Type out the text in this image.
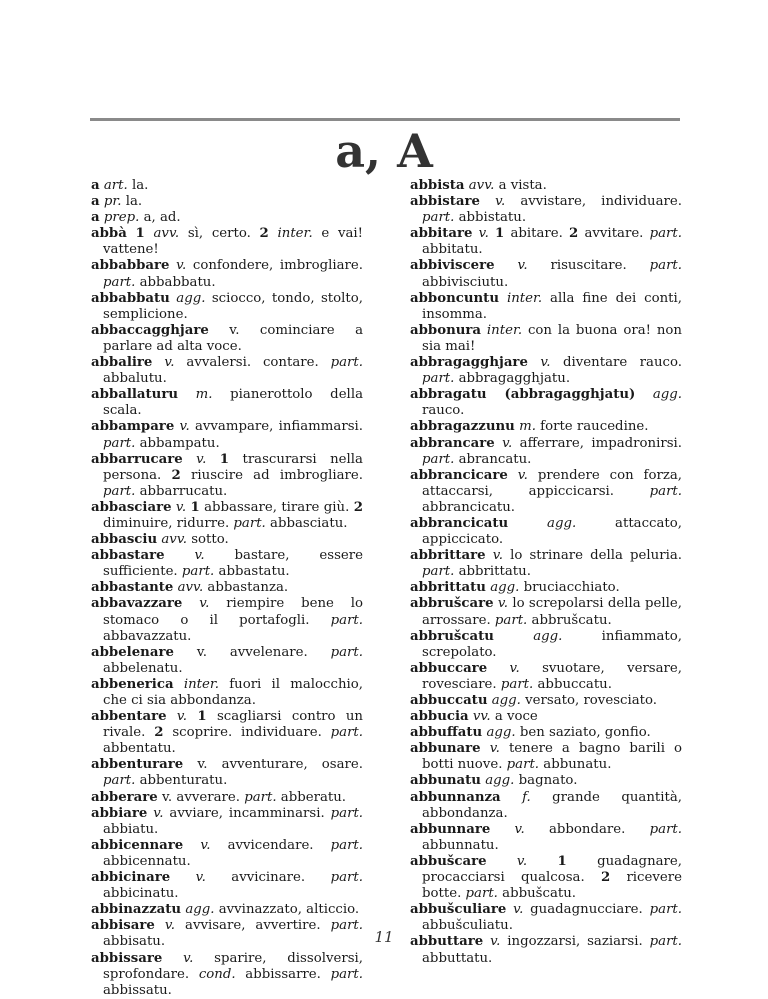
a, A

a art. la.

a pr. la.

a prep. a, ad.

abbà 1 avv. sì, certo. 2 inter. e vai! vattene!

abbabbare v. confondere, imbrogliare. part. abbabbatu.

abbabbatu agg. sciocco, tondo, stolto, semplicione.

abbaccagghjare v. cominciare a parlare ad alta voce.

abbalire v. avvalersi. contare. part. abbalutu.

abballaturu m. pianerottolo della scala.

abbampare v. avvampare, infiammarsi. part. abbampatu.

abbarrucare v. 1 trascurarsi nella persona. 2 riuscire ad imbrogliare. part. abbarrucatu.

abbasciare v. 1 abbassare, tirare giù. 2 diminuire, ridurre. part. abbasciatu.

abbasciu avv. sotto.

abbastare v. bastare, essere sufficiente. part. abbastatu.

abbastante avv. abbastanza.

abbavazzare v. riempire bene lo stomaco o il portafogli. part. abbavazzatu.

abbelenare v. avvelenare. part. abbelenatu.

abbenerica inter. fuori il malocchio, che ci sia abbondanza.

abbentare v. 1 scagliarsi contro un rivale. 2 scoprire. individuare. part. abbentatu.

abbenturare v. avventurare, osare. part. abbenturatu.

abberare v. avverare. part. abberatu.

abbiare v. avviare, incamminarsi. part. abbiatu.

abbicennare v. avvicendare. part. abbicennatu.

abbicinare v. avvicinare. part. abbicinatu.

abbinazzatu agg. avvinazzato, alticcio.

abbisare v. avvisare, avvertire. part. abbisatu.

abbissare v. sparire, dissolversi, sprofondare. cond. abbissarre. part. abbissatu.

abbista avv. a vista.

abbistare v. avvistare, individuare. part. abbistatu.

abbitare v. 1 abitare. 2 avvitare. part. abbitatu.

abbiviscere v. risuscitare. part. abbivisciutu.

abboncuntu inter. alla fine dei conti, insomma.

abbonura inter. con la buona ora! non sia mai!

abbragagghjare v. diventare rauco. part. abbragagghjatu.

abbragatu (abbragagghjatu) agg. rauco.

abbragazzunu m. forte raucedine.

abbrancare v. afferrare, impadronirsi. part. abrancatu.

abbrancicare v. prendere con forza, attaccarsi, appiccicarsi.	part. abbrancicatu.

abbrancicatu	agg.	attaccato, appiccicato.

abbrittare v. lo strinare della peluria. part. abbrittatu.

abbrittatu agg. bruciacchiato.

abbrušcare v. lo screpolarsi della pelle, arrossare. part. abbrušcatu.

abbrušcatu	agg.	infiammato, screpolato.

abbuccare v. svuotare, versare, rovesciare. part. abbuccatu.

abbuccatu agg. versato, rovesciato.

abbucia vv. a voce

abbuffatu agg. ben saziato, gonfio.

abbunare v. tenere a bagno barili o botti nuove. part. abbunatu.

abbunatu agg. bagnato.

abbunnanza f. grande quantità, abbondanza.

abbunnare v. abbondare. part. abbunnatu.

abbušcare v. 1 guadagnare, procacciarsi qualcosa. 2 ricevere botte. part. abbušcatu.

abbušculiare v. guadagnucciare. part. abbušculiatu.

abbuttare v. ingozzarsi, saziarsi. part. abbuttatu.

11
